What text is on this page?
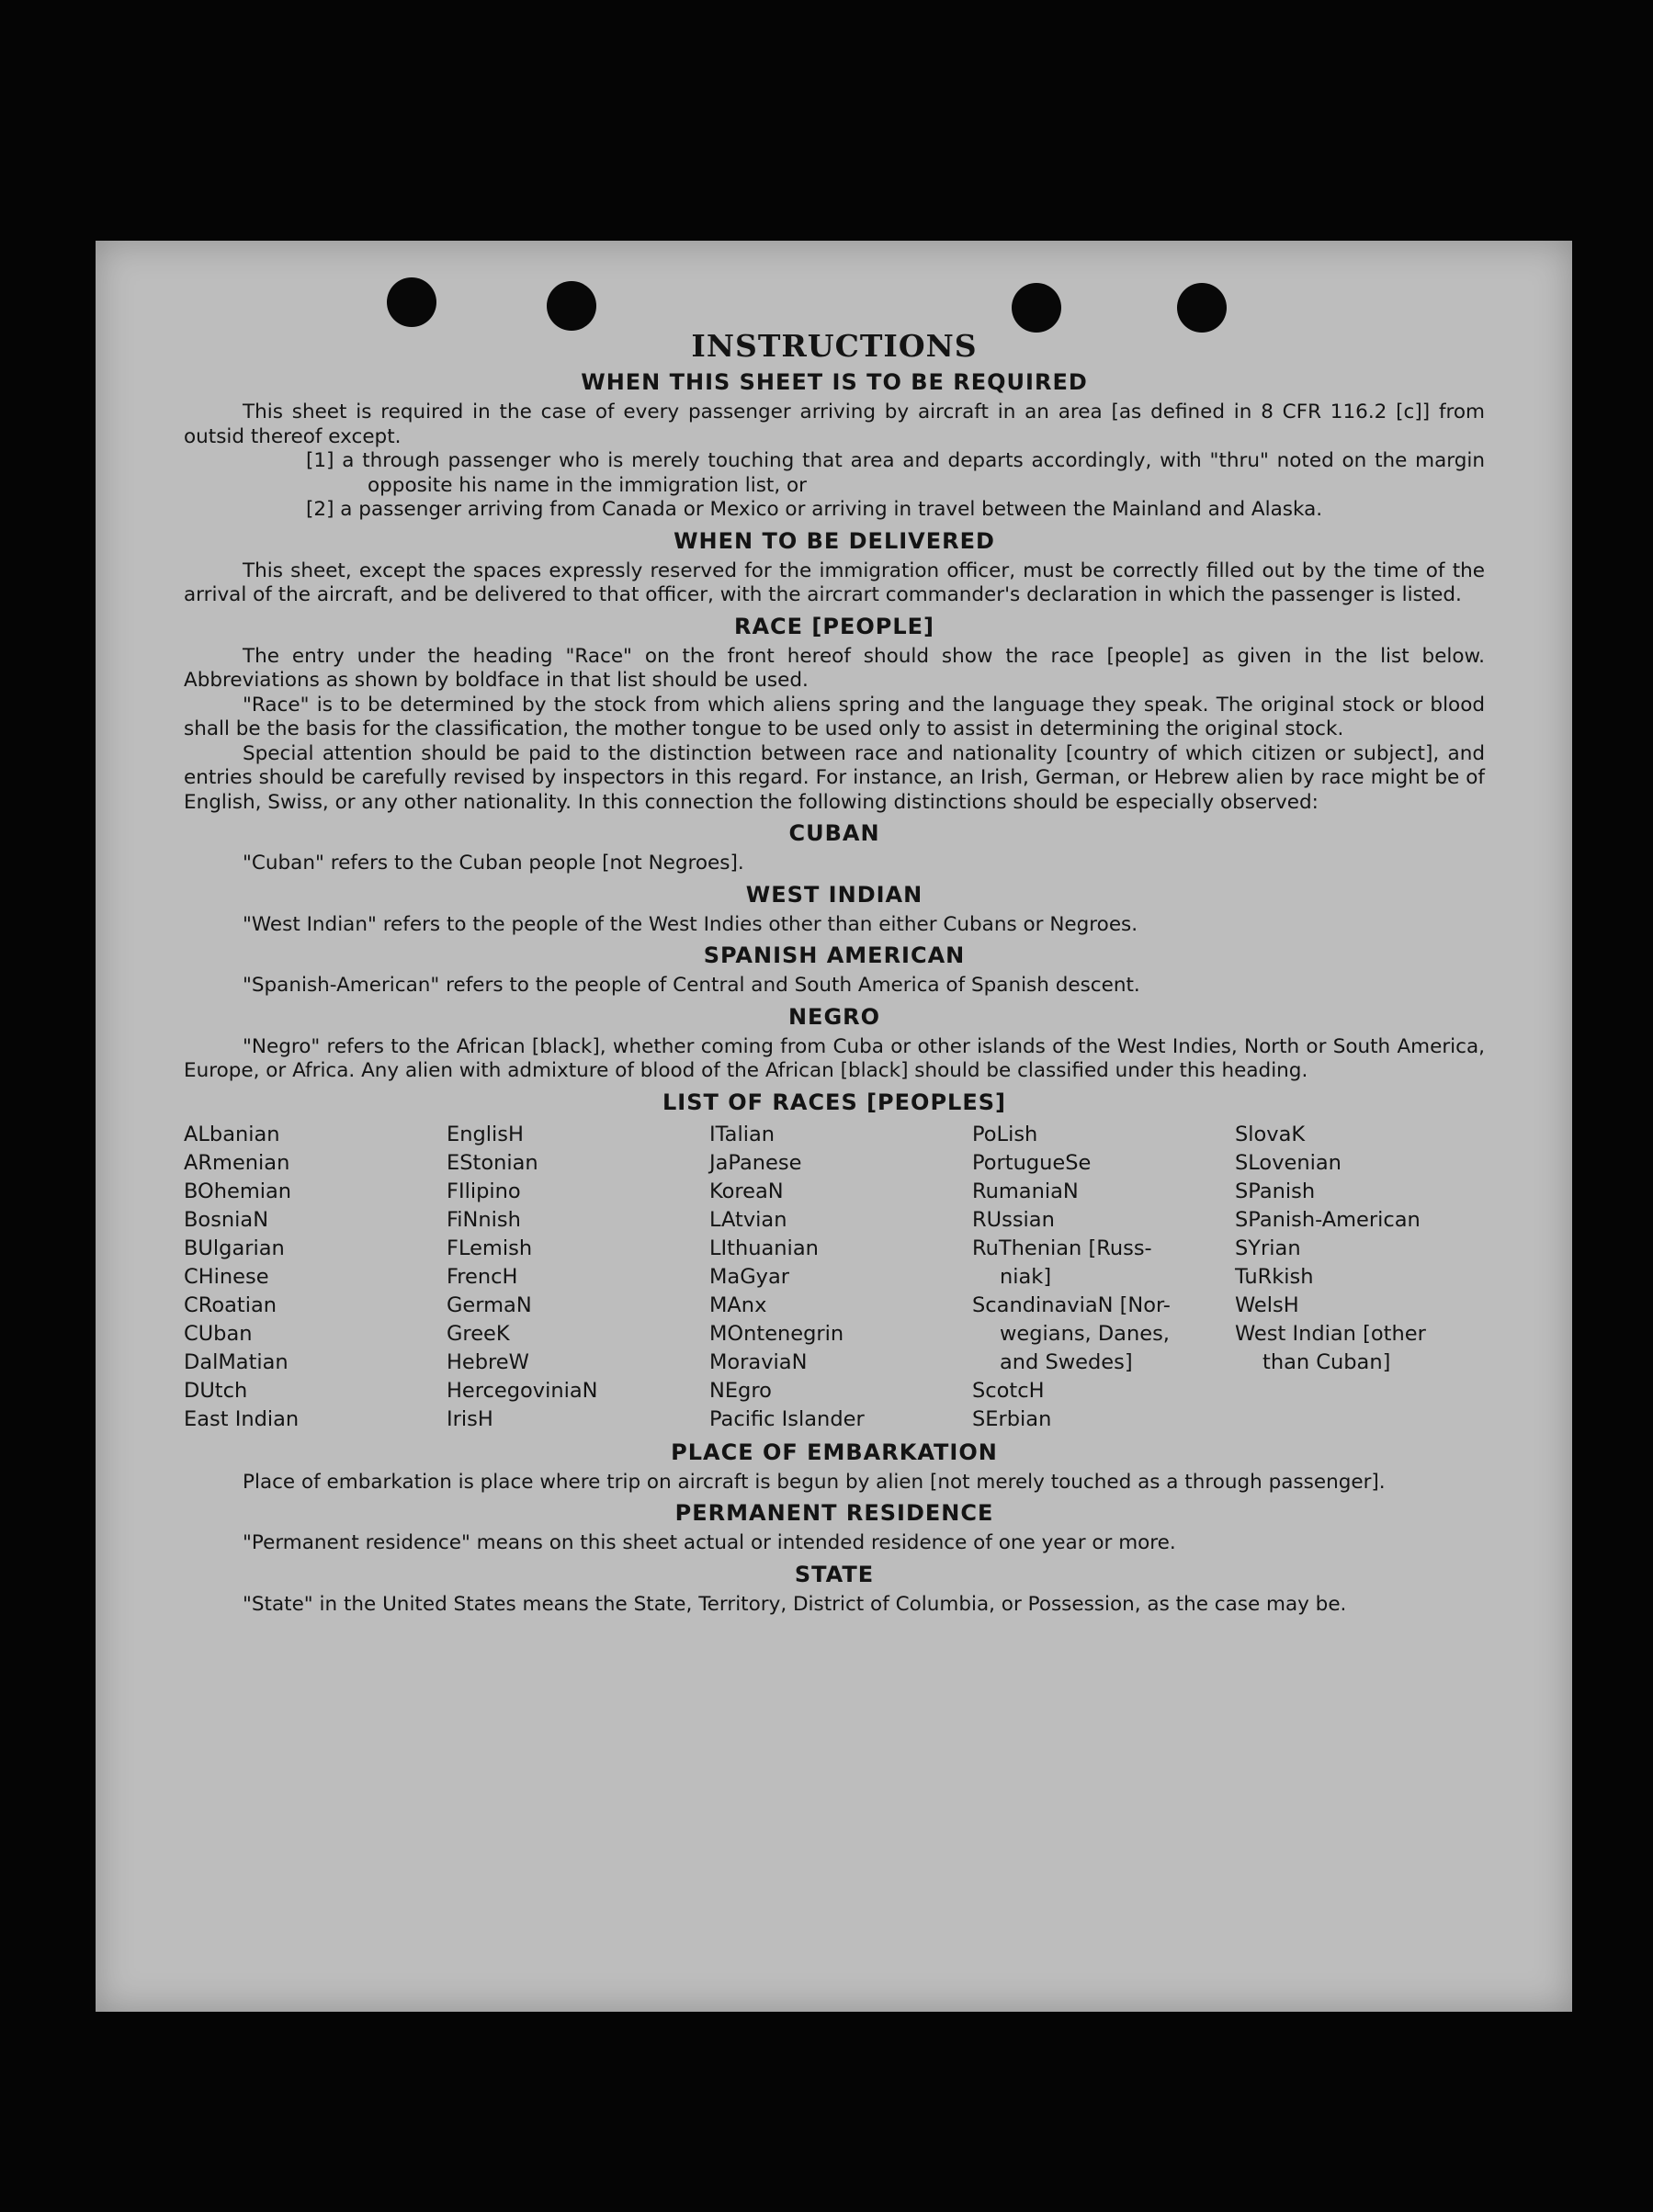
INSTRUCTIONS
WHEN THIS SHEET IS TO BE REQUIRED

This sheet is required in the case of every passenger arriving by aircraft in an area [as defined in 8 CFR 116.2 [c]] from outsid thereof except.

[1] a through passenger who is merely touching that area and departs accordingly, with "thru" noted on the margin opposite his name in the immigration list, or
[2] a passenger arriving from Canada or Mexico or arriving in travel between the Mainland and Alaska.
WHEN TO BE DELIVERED

This sheet, except the spaces expressly reserved for the immigration officer, must be correctly filled out by the time of the arrival of the aircraft, and be delivered to that officer, with the aircrart commander's declaration in which the passenger is listed.

RACE [PEOPLE]

The entry under the heading "Race" on the front hereof should show the race [people] as given in the list below. Abbreviations as shown by boldface in that list should be used.

"Race" is to be determined by the stock from which aliens spring and the language they speak. The original stock or blood shall be the basis for the classification, the mother tongue to be used only to assist in determining the original stock.

Special attention should be paid to the distinction between race and nationality [country of which citizen or subject], and entries should be carefully revised by inspectors in this regard. For instance, an Irish, German, or Hebrew alien by race might be of English, Swiss, or any other nationality. In this connection the following distinctions should be especially observed:

CUBAN

"Cuban" refers to the Cuban people [not Negroes].

WEST INDIAN

"West Indian" refers to the people of the West Indies other than either Cubans or Negroes.

SPANISH AMERICAN

"Spanish-American" refers to the people of Central and South America of Spanish descent.

NEGRO

"Negro" refers to the African [black], whether coming from Cuba or other islands of the West Indies, North or South America, Europe, or Africa. Any alien with admixture of blood of the African [black] should be classified under this heading.

LIST OF RACES [PEOPLES]
ALbanian
ARmenian
BOhemian
BosniaN
BUlgarian
CHinese
CRoatian
CUban
DalMatian
DUtch
East Indian
EnglisH
EStonian
FIlipino
FiNnish
FLemish
FrencH
GermaN
GreeK
HebreW
HercegoviniaN
IrisH
ITalian
JaPanese
KoreaN
LAtvian
LIthuanian
MaGyar
MAnx
MOntenegrin
MoraviaN
NEgro
Pacific Islander
PoLish
PortugueSe
RumaniaN
RUssian
RuThenian [Russ-
niak]
ScandinaviaN [Nor-
wegians, Danes,
and Swedes]
ScotcH
SErbian
SlovaK
SLovenian
SPanish
SPanish-American
SYrian
TuRkish
WelsH
West Indian [other
than Cuban]
PLACE OF EMBARKATION

Place of embarkation is place where trip on aircraft is begun by alien [not merely touched as a through passenger].

PERMANENT RESIDENCE

"Permanent residence" means on this sheet actual or intended residence of one year or more.

STATE

"State" in the United States means the State, Territory, District of Columbia, or Possession, as the case may be.
